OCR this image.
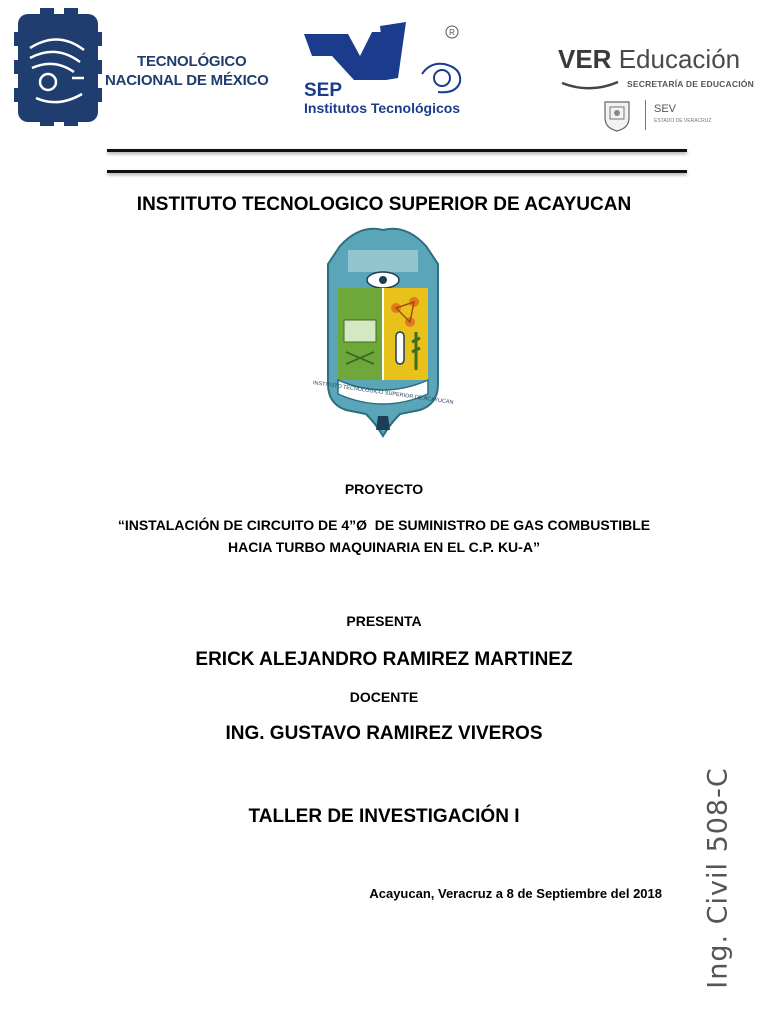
TECNOLÓGICO
NACIONAL DE MÉXICO
R
SEP
Institutos Tecnológicos
VER Educación
SECRETARÍA DE EDUCACIÓN
SEV
ESTADO DE VERACRUZ
INSTITUTO TECNOLOGICO SUPERIOR DE ACAYUCAN
INSTITUTO TECNOLÓGICO SUPERIOR DE ACAYUCAN
PROYECTO
“INSTALACIÓN DE CIRCUITO DE 4”Ø  DE SUMINISTRO DE GAS COMBUSTIBLE
HACIA TURBO MAQUINARIA EN EL C.P. KU-A”
PRESENTA
ERICK ALEJANDRO RAMIREZ MARTINEZ
DOCENTE
ING. GUSTAVO RAMIREZ VIVEROS
TALLER DE INVESTIGACIÓN I
Acayucan, Veracruz a 8 de Septiembre del 2018 Ing. Civil 508-C
